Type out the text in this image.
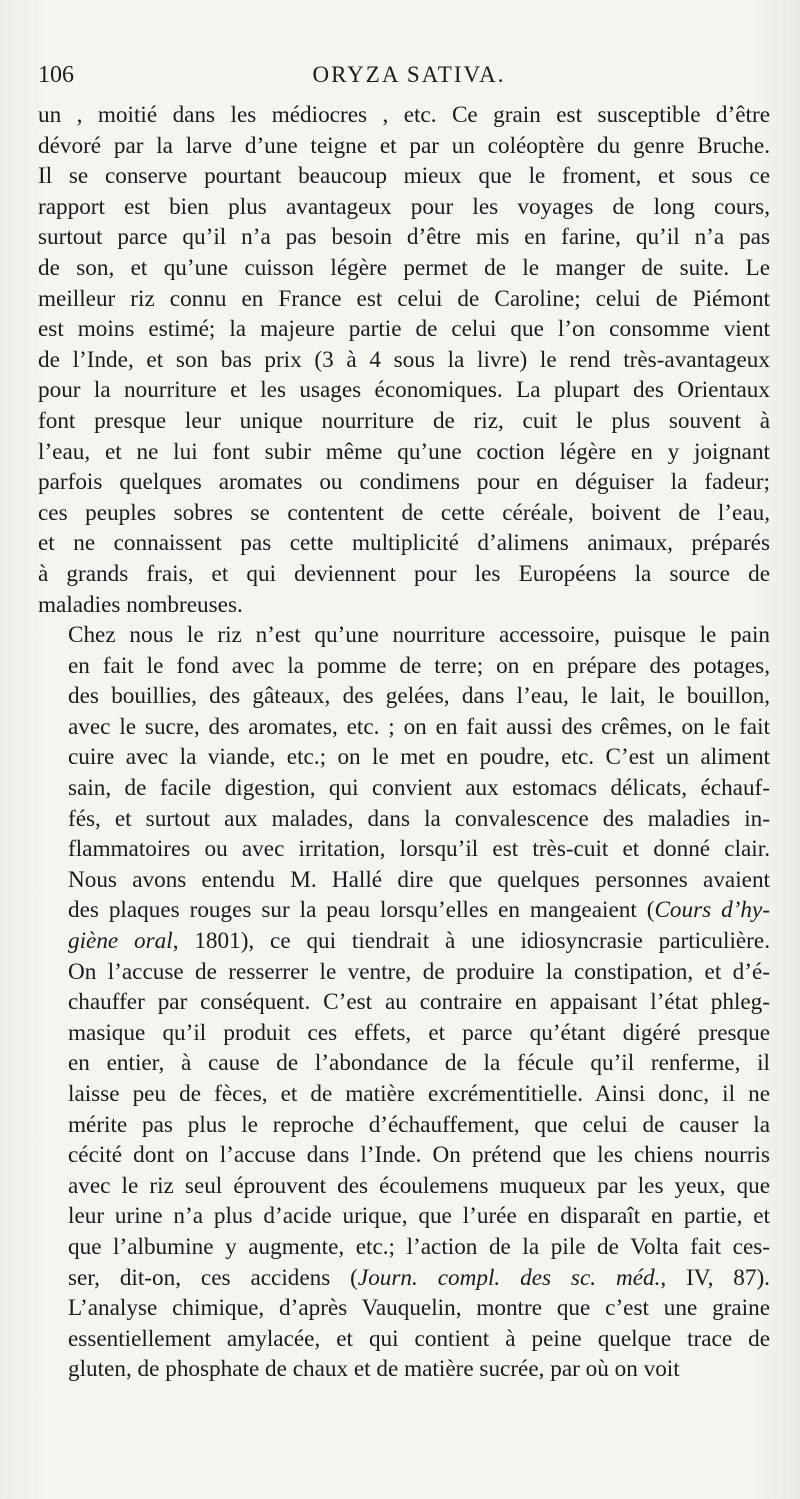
106	ORYZA SATIVA.
un , moitié dans les médiocres , etc. Ce grain est susceptible d’être
dévoré par la larve d’une teigne et par un coléoptère du genre Bruche.
Il se conserve pourtant beaucoup mieux que le froment, et sous ce
rapport est bien plus avantageux pour les voyages de long cours,
surtout parce qu’il n’a pas besoin d’être mis en farine, qu’il n’a pas
de son, et qu’une cuisson légère permet de le manger de suite. Le
meilleur riz connu en France est celui de Caroline; celui de Piémont
est moins estimé; la majeure partie de celui que l’on consomme vient
de l’Inde, et son bas prix (3 à 4 sous la livre) le rend très-avantageux
pour la nourriture et les usages économiques. La plupart des Orientaux
font presque leur unique nourriture de riz, cuit le plus souvent à
l’eau, et ne lui font subir même qu’une coction légère en y joignant
parfois quelques aromates ou condimens pour en déguiser la fadeur;
ces peuples sobres se contentent de cette céréale, boivent de l’eau,
et ne connaissent pas cette multiplicité d’alimens animaux, préparés
à grands frais, et qui deviennent pour les Européens la source de
maladies nombreuses.
Chez nous le riz n’est qu’une nourriture accessoire, puisque le pain
en fait le fond avec la pomme de terre; on en prépare des potages,
des bouillies, des gâteaux, des gelées, dans l’eau, le lait, le bouillon,
avec le sucre, des aromates, etc. ; on en fait aussi des crêmes, on le fait
cuire avec la viande, etc.; on le met en poudre, etc. C’est un aliment
sain, de facile digestion, qui convient aux estomacs délicats, échauf-
fés, et surtout aux malades, dans la convalescence des maladies in-
flammatoires ou avec irritation, lorsqu’il est très-cuit et donné clair.
Nous avons entendu M. Hallé dire que quelques personnes avaient
des plaques rouges sur la peau lorsqu’elles en mangeaient (Cours d’hy-
giène oral, 1801), ce qui tiendrait à une idiosyncrasie particulière.
On l’accuse de resserrer le ventre, de produire la constipation, et d’é-
chauffer par conséquent. C’est au contraire en appaisant l’état phleg-
masique qu’il produit ces effets, et parce qu’étant digéré presque
en entier, à cause de l’abondance de la fécule qu’il renferme, il
laisse peu de fèces, et de matière excrémentitielle. Ainsi donc, il ne
mérite pas plus le reproche d’échauffement, que celui de causer la
cécité dont on l’accuse dans l’Inde. On prétend que les chiens nourris
avec le riz seul éprouvent des écoulemens muqueux par les yeux, que
leur urine n’a plus d’acide urique, que l’urée en disparaît en partie, et
que l’albumine y augmente, etc.; l’action de la pile de Volta fait ces-
ser, dit-on, ces accidens (Journ. compl. des sc. méd., IV, 87).
L’analyse chimique, d’après Vauquelin, montre que c’est une graine
essentiellement amylacée, et qui contient à peine quelque trace de
gluten, de phosphate de chaux et de matière sucrée, par où on voit
